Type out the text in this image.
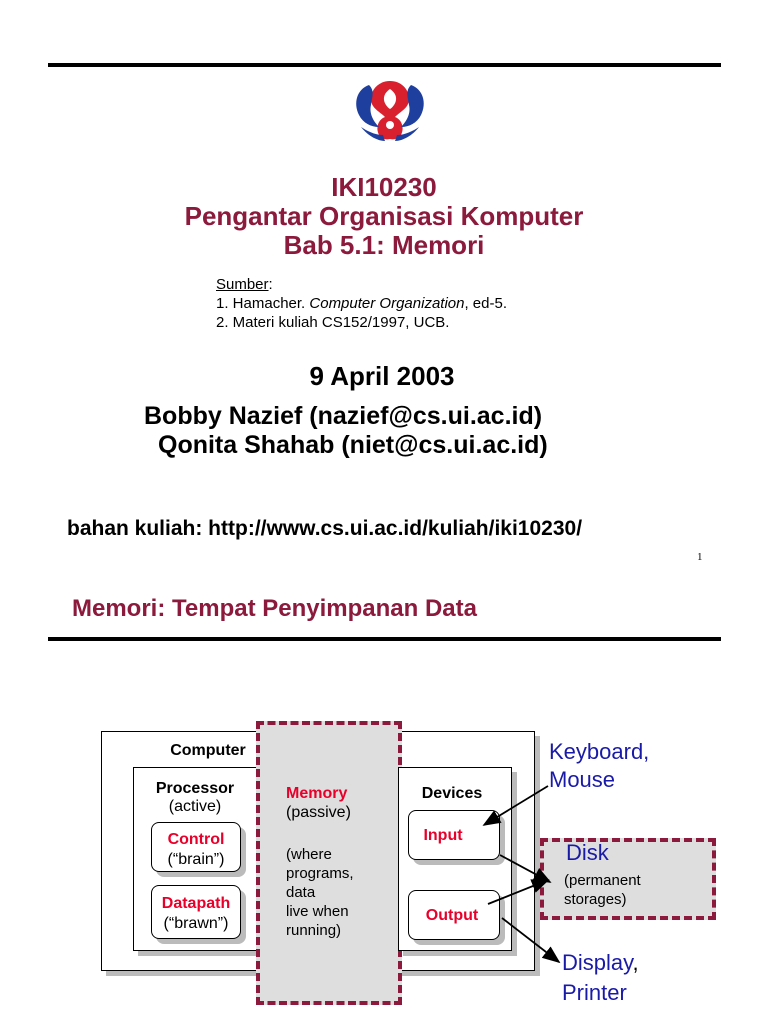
IKI10230
Pengantar Organisasi Komputer
Bab 5.1: Memori
Sumber:
1. Hamacher. Computer Organization, ed-5.
2. Materi kuliah CS152/1997, UCB.
9 April 2003
Bobby Nazief (nazief@cs.ui.ac.id)
Qonita Shahab (niet@cs.ui.ac.id)
bahan kuliah: http://www.cs.ui.ac.id/kuliah/iki10230/
1
Memori: Tempat Penyimpanan Data
Computer
Processor
(active)
Control
(“brain”)
Datapath
(“brawn”)
Memory
(passive)
(where
programs,
data
live when
running)
Devices
Input
Output
Keyboard,
Mouse
Disk
(permanent
storages)
Display,
Printer
